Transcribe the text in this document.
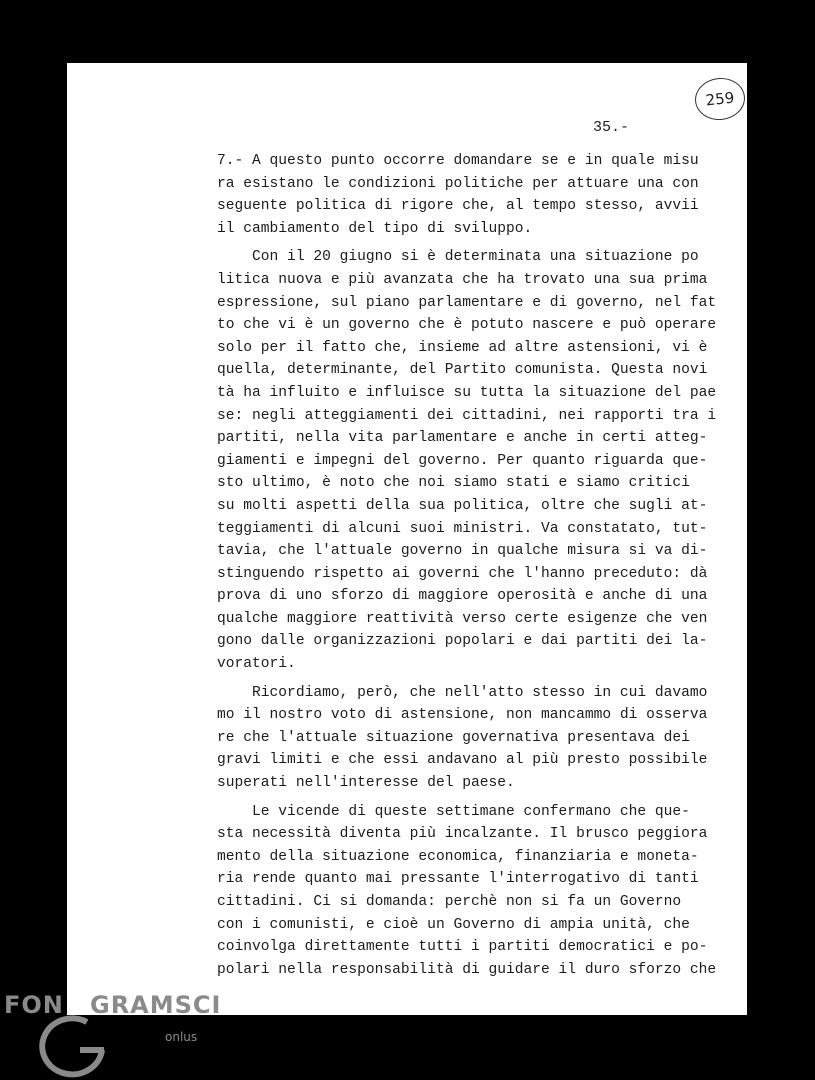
259
35.-
7.- A questo punto occorre domandare se e in quale misu
ra esistano le condizioni politiche per attuare una con
seguente politica di rigore che, al tempo stesso, avvii
il cambiamento del tipo di sviluppo.
Con il 20 giugno si è determinata una situazione po
litica nuova e più avanzata che ha trovato una sua prima
espressione, sul piano parlamentare e di governo, nel fat
to che vi è un governo che è potuto nascere e può operare
solo per il fatto che, insieme ad altre astensioni, vi è
quella, determinante, del Partito comunista. Questa novi
tà ha influito e influisce su tutta la situazione del pae
se: negli atteggiamenti dei cittadini, nei rapporti tra i
partiti, nella vita parlamentare e anche in certi atteg-
giamenti e impegni del governo. Per quanto riguarda que-
sto ultimo, è noto che noi siamo stati e siamo critici
su molti aspetti della sua politica, oltre che sugli at-
teggiamenti di alcuni suoi ministri. Va constatato, tut-
tavia, che l'attuale governo in qualche misura si va di-
stinguendo rispetto ai governi che l'hanno preceduto: dà
prova di uno sforzo di maggiore operosità e anche di una
qualche maggiore reattività verso certe esigenze che ven
gono dalle organizzazioni popolari e dai partiti dei la-
voratori.
Ricordiamo, però, che nell'atto stesso in cui davamo
mo il nostro voto di astensione, non mancammo di osserva
re che l'attuale situazione governativa presentava dei
gravi limiti e che essi andavano al più presto possibile
superati nell'interesse del paese.
Le vicende di queste settimane confermano che que-
sta necessità diventa più incalzante. Il brusco peggiora
mento della situazione economica, finanziaria e moneta-
ria rende quanto mai pressante l'interrogativo di tanti
cittadini. Ci si domanda: perchè non si fa un Governo
con i comunisti, e cioè un Governo di ampia unità, che
coinvolga direttamente tutti i partiti democratici e po-
polari nella responsabilità di guidare il duro sforzo che
FON GRAMSCI
onlus
